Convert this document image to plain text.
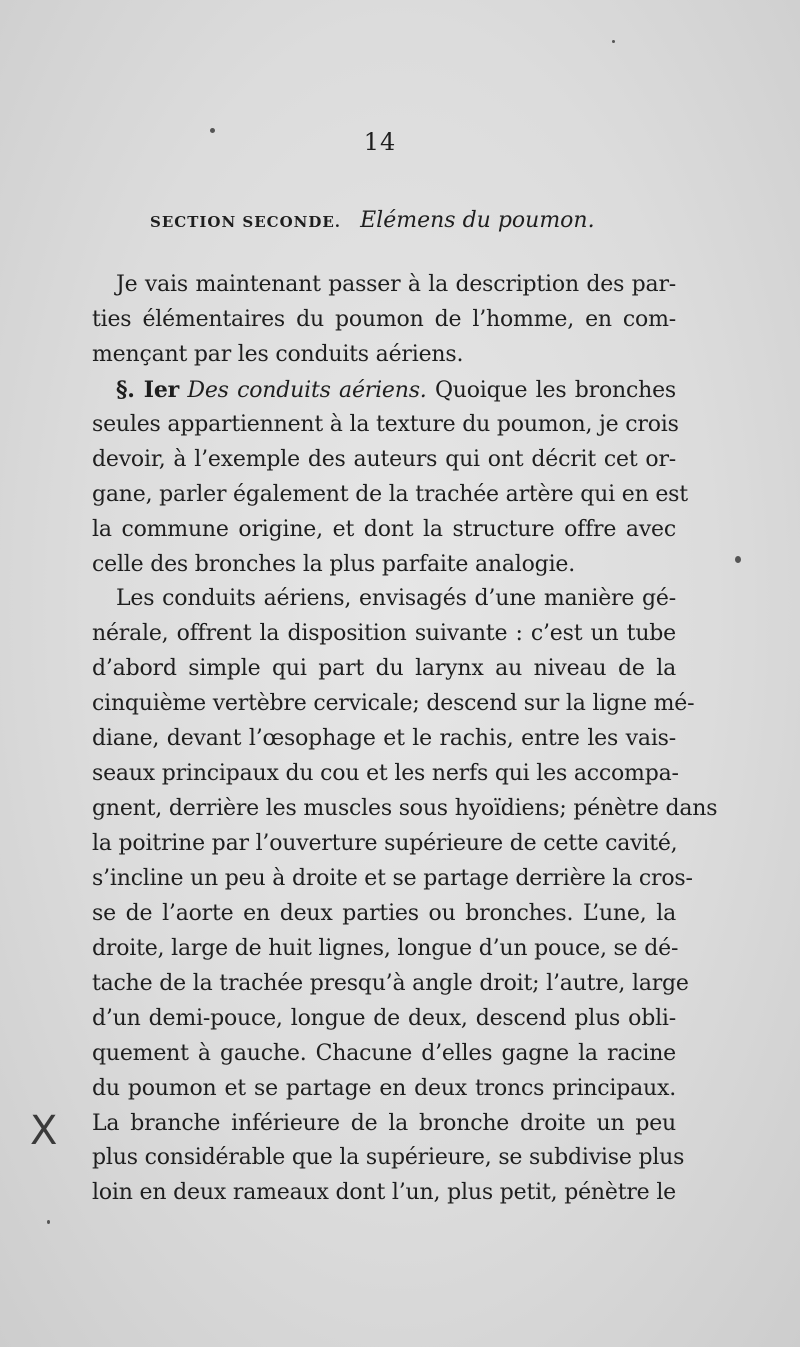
14
SECTION SECONDE. Elémens du poumon.
Je vais maintenant passer à la description des par-
ties élémentaires du poumon de l’homme, en com-
mençant par les conduits aériens.
§. Ier Des conduits aériens. Quoique les bronches
seules appartiennent à la texture du poumon, je crois
devoir, à l’exemple des auteurs qui ont décrit cet or-
gane, parler également de la trachée artère qui en est
la commune origine, et dont la structure offre avec
celle des bronches la plus parfaite analogie.
Les conduits aériens, envisagés d’une manière gé-
nérale, offrent la disposition suivante : c’est un tube
d’abord simple qui part du larynx au niveau de la
cinquième vertèbre cervicale; descend sur la ligne mé-
diane, devant l’œsophage et le rachis, entre les vais-
seaux principaux du cou et les nerfs qui les accompa-
gnent, derrière les muscles sous hyoïdiens; pénètre dans
la poitrine par l’ouverture supérieure de cette cavité,
s’incline un peu à droite et se partage derrière la cros-
se de l’aorte en deux parties ou bronches. L’une, la
droite, large de huit lignes, longue d’un pouce, se dé-
tache de la trachée presqu’à angle droit; l’autre, large
d’un demi-pouce, longue de deux, descend plus obli-
quement à gauche. Chacune d’elles gagne la racine
du poumon et se partage en deux troncs principaux.
La branche inférieure de la bronche droite un peu
plus considérable que la supérieure, se subdivise plus
loin en deux rameaux dont l’un, plus petit, pénètre le
X
